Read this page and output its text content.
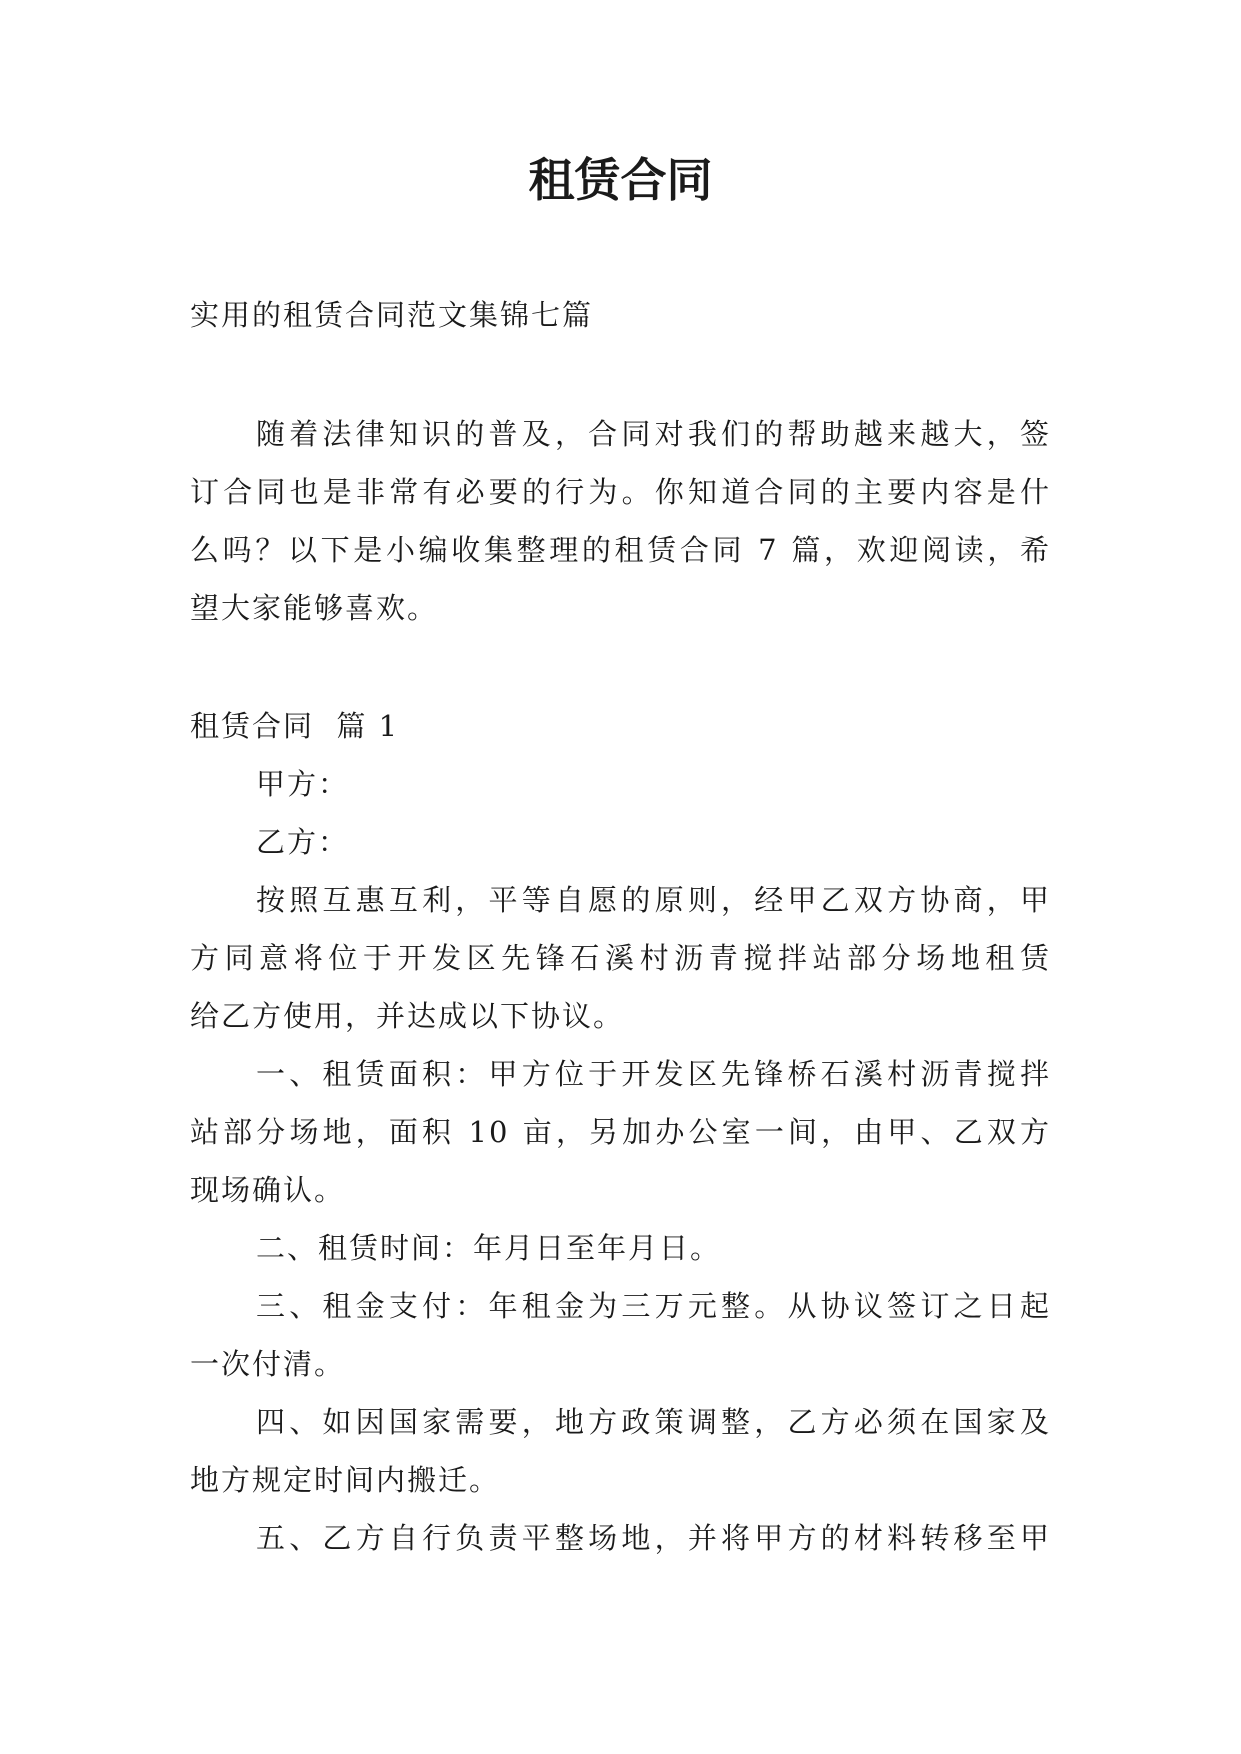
租赁合同

实用的租赁合同范文集锦七篇

随着法律知识的普及，合同对我们的帮助越来越大，签

订合同也是非常有必要的行为。你知道合同的主要内容是什

么吗？以下是小编收集整理的租赁合同 7 篇，欢迎阅读，希

望大家能够喜欢。

租赁合同  篇 1

甲方：

乙方：

按照互惠互利，平等自愿的原则，经甲乙双方协商，甲

方同意将位于开发区先锋石溪村沥青搅拌站部分场地租赁

给乙方使用，并达成以下协议。

一、租赁面积：甲方位于开发区先锋桥石溪村沥青搅拌

站部分场地，面积 10 亩，另加办公室一间，由甲、乙双方

现场确认。

二、租赁时间：年月日至年月日。

三、租金支付：年租金为三万元整。从协议签订之日起

一次付清。

四、如因国家需要，地方政策调整，乙方必须在国家及

地方规定时间内搬迁。

五、乙方自行负责平整场地，并将甲方的材料转移至甲
